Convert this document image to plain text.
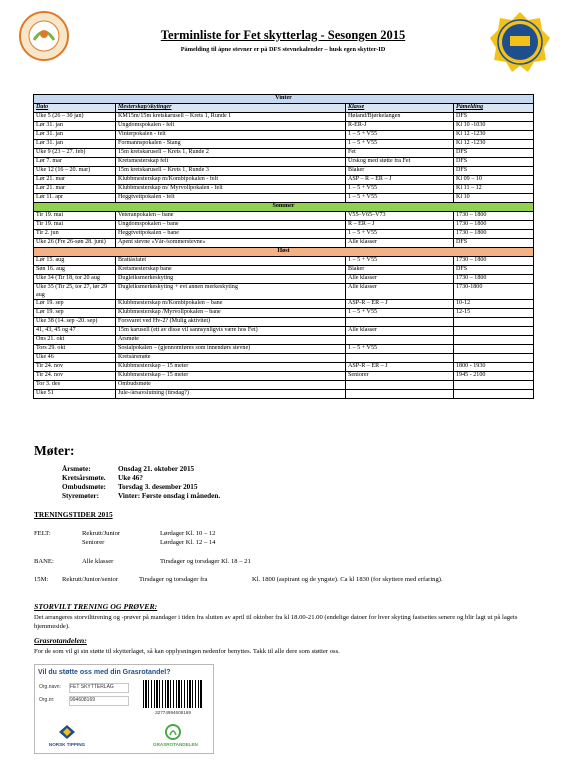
Terminliste for Fet skytterlag - Sesongen 2015
Påmelding til åpne stevner er på DFS stevnekalender – husk egen skytter-ID
Vinter			
Dato	Mesterskap/skytinger	Klasse	Påmelding
Uke 5 (26 – 30 jan)	KM15m/15m kretskarusell – Krets 1, Runde 1	Høland/Bjørkelangen	DFS
Lør 31. jan	Ungdomspokalen - felt	R-ER-J	Kl 10 -1030
Lør 31. jan	Vinterpokalen - felt	1 – 5 + V55	Kl 12 -1230
Lør 31. jan	Formannspokalen - Stang	1 – 5 + V55	Kl 12 -1230
Uke 9 (23 – 27. feb)	15m kretskarusell – Krets 1, Runde 2	Fet	DFS
Lør 7. mar	Kretsmesterskap felt	Urskog med støtte fra Fet	DFS
Uke 12 (16 – 20. mar)	15m kretskarusell – Krets 1, Runde 3	Blaker	DFS
Lør 21. mar	Klubbmesterskap m/Kombipokalen - felt	ASP – R – ER – J	Kl 09 – 10
Lør 21. mar	Klubbmesterskap m/ Myrvollpokalen - felt	1 – 5 + V55	Kl 11 – 12
Lør 11. apr	Heggtveitpokalen - felt	1 – 5 + V55	Kl 10
Sommer			
Tir 19. mai	Veteranpokalen – bane	V55–V65–V73	1730 – 1800
Tir 19. mai	Ungdomspokalen – bane	R – ER – J	1730 – 1800
Tir 2. jun	Heggtveitpokalen – bane	1 – 5 + V55	1730 – 1800
Uke 26 (Fre 26-søn 28. juni)	Åpent stevne «Vår-/sommerstevne»	Alle klasser	DFS
Høst			
Lør 15. aug	Brattåsfatet	1 – 5 + V55	1730 – 1800
Søn 16. aug	Kretsmesterskap bane	Blaker	DFS
Uke 34 (Tir 18, tor 20 aug	Dugleiksmerkeskyting	Alle klasser	1730 – 1800
Uke 35 (Tir 25, tor 27, lør 29 aug	Dugleiksmerkeskyting + evt annen merkeskyting	Alle klasser	1730-1800
Lør 19. sep	Klubbmesterskap m/Kombipokalen – bane	ASP-R – ER – J	10-12
Lør 19. sep	Klubbmesterskap /Myrvollpokalen – bane	1 – 5 + V55	12-15
Uke 38 (14. sep -20. sep)	Forsvaret ved Hv-2? (Mulig aktivitet)		
41, 43, 45 og 47	15m karusell (ett av disse vil sannsynligvis være hos Fet)	Alle klasser	
Ons 21. okt	Årsmøte		
Tors 29. okt	Sosialpokalen – (gjennomføres som innendørs stevne)	1 – 5 + V55	
Uke 46	Kretsårsmøte		
Tir 24. nov	Klubbmesterskap – 15 meter	ASP-R – ER – J	1800 - 1930
Tir 24. nov	Klubbmesterskap – 15 meter	Seniorer	1945 - 2100
Tor 3. des	Ombudsmøte		
Uke 51	Jule-/årsavslutning (tirsdag?)		
Møter:
Årsmøte:	Onsdag 21. oktober 2015
Kretsårsmøte. Uke 46?
Ombudsmøte: Torsdag 3. desember 2015
Styremøter:	Vinter: Første onsdag i måneden.
TRENINGSTIDER 2015
FELT:	Rekrutt/Junior	Lørdager Kl. 10 – 12
Seniorer	Lørdager Kl. 12 – 14
BANE:	Alle klasser	Tirsdager og torsdager Kl. 18 – 21
15M: Rekrutt/Junior/senior	Tirsdager og torsdager fra	Kl. 1800 (aspirant og de yngste). Ca kl 1830 (for skyttere med erfaring).
STORVILT TRENING OG PRØVER:
Det arrangeres storvilttrening og -prøver på mandager i tiden fra slutten av april til oktober fra kl 18.00-21.00 (endelige datoer for hver skyting fastsettes senere og blir lagt ut på lagets hjemmeside).
Grasrotandelen:
For de som vil gi sin støtte til skytterlaget, så kan opplysningen nedenfor benyttes. Takk til alle dere som støtter oss.
Vil du støtte oss med din Grasrotandel?
Org.navn: FET SKYTTERLAG
Org.nr:	994608169
32774994608169
NORSK TIPPING	GRASROTANDELEN
